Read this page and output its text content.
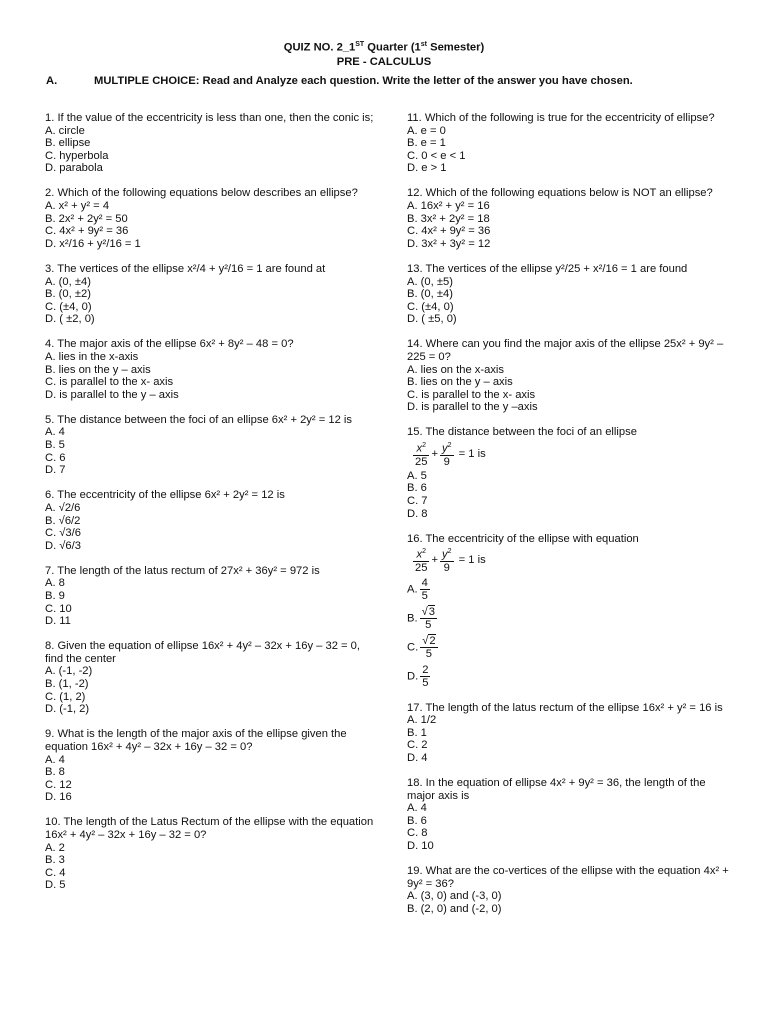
QUIZ NO. 2_1ST Quarter (1st Semester)
PRE - CALCULUS
A.	MULTIPLE CHOICE: Read and Analyze each question. Write the letter of the answer you have chosen.
1. If the value of the eccentricity is less than one, then the conic is;
A. circle
B. ellipse
C. hyperbola
D. parabola
2. Which of the following equations below describes an ellipse?
A. x² + y² = 4
B. 2x² + 2y² = 50
C. 4x² + 9y² = 36
D. x²/16 + y²/16 = 1
3. The vertices of the ellipse x²/4 + y²/16 = 1 are found at
A. (0, ±4)
B. (0, ±2)
C. (±4, 0)
D. ( ±2, 0)
4. The major axis of the ellipse 6x² + 8y² – 48 = 0?
A. lies in the x-axis
B. lies on the y – axis
C. is parallel to the x- axis
D. is parallel to the y – axis
5. The distance between the foci of an ellipse 6x² + 2y² = 12 is
A. 4
B. 5
C. 6
D. 7
6. The eccentricity of the ellipse 6x² + 2y² = 12 is
A. √2/6
B. √6/2
C. √3/6
D. √6/3
7. The length of the latus rectum of 27x² + 36y² = 972 is
A. 8
B. 9
C. 10
D. 11
8. Given the equation of ellipse 16x² + 4y² – 32x + 16y – 32 = 0, find the center
A. (-1, -2)
B. (1, -2)
C. (1, 2)
D. (-1, 2)
9. What is the length of the major axis of the ellipse given the equation 16x² + 4y² – 32x + 16y – 32 = 0?
A. 4
B. 8
C. 12
D. 16
10. The length of the Latus Rectum of the ellipse with the equation 16x² + 4y² – 32x + 16y – 32 = 0?
A. 2
B. 3
C. 4
D. 5
11. Which of the following is true for the eccentricity of ellipse?
A. e = 0
B. e = 1
C. 0 < e < 1
D. e > 1
12. Which of the following equations below is NOT an ellipse?
A. 16x² + y² = 16
B. 3x² + 2y² = 18
C. 4x² + 9y² = 36
D. 3x² + 3y² = 12
13. The vertices of the ellipse y²/25 + x²/16 = 1 are found
A. (0, ±5)
B. (0, ±4)
C. (±4, 0)
D. ( ±5, 0)
14. Where can you find the major axis of the ellipse 25x² + 9y² – 225 = 0?
A. lies on the x-axis
B. lies on the y – axis
C. is parallel to the x- axis
D. is parallel to the y –axis
15. The distance between the foci of an ellipse
$\frac{x^2}{25} + \frac{y^2}{9} = 1$ is
A. 5
B. 6
C. 7
D. 8
16. The eccentricity of the ellipse with equation
$\frac{x^2}{25} + \frac{y^2}{9} = 1$ is
A. $\frac{4}{5}$
B. $\frac{√3}{5}$
C. $\frac{√2}{5}$
D. $\frac{2}{5}$
17. The length of the latus rectum of the ellipse 16x² + y² = 16 is
A. 1/2
B. 1
C. 2
D. 4
18. In the equation of ellipse 4x² + 9y² = 36, the length of the major axis is
A. 4
B. 6
C. 8
D. 10
19. What are the co-vertices of the ellipse with the equation 4x² + 9y² = 36?
A. (3, 0) and (-3, 0)
B. (2, 0) and (-2, 0)
